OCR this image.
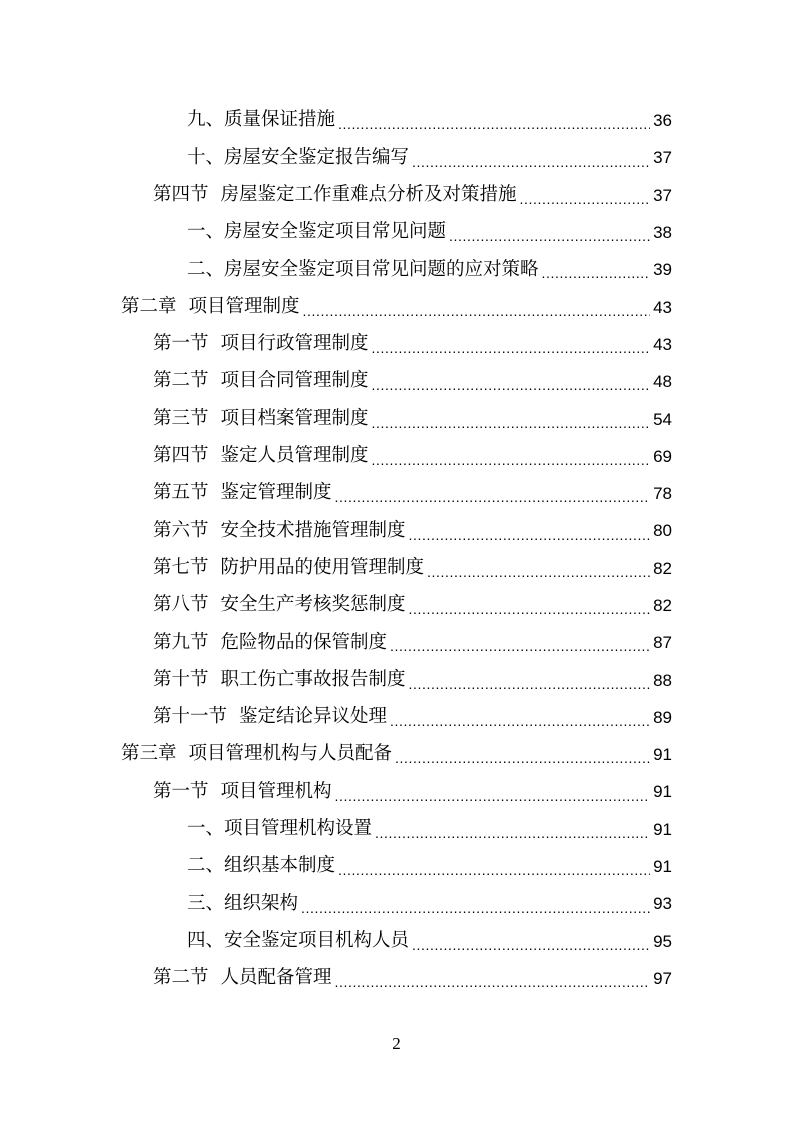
九、质量保证措施 .....	36
十、房屋安全鉴定报告编写 .....	37
第四节 房屋鉴定工作重难点分析及对策措施 .....	37
一、房屋安全鉴定项目常见问题 .....	38
二、房屋安全鉴定项目常见问题的应对策略 .....	39
第二章 项目管理制度 .....	43
第一节 项目行政管理制度 .....	43
第二节 项目合同管理制度 .....	48
第三节 项目档案管理制度 .....	54
第四节 鉴定人员管理制度 .....	69
第五节 鉴定管理制度 .....	78
第六节 安全技术措施管理制度 .....	80
第七节 防护用品的使用管理制度 .....	82
第八节 安全生产考核奖惩制度 .....	82
第九节 危险物品的保管制度 .....	87
第十节 职工伤亡事故报告制度 .....	88
第十一节 鉴定结论异议处理 .....	89
第三章 项目管理机构与人员配备 .....	91
第一节 项目管理机构 .....	91
一、项目管理机构设置 .....	91
二、组织基本制度 .....	91
三、组织架构 .....	93
四、安全鉴定项目机构人员 .....	95
第二节 人员配备管理 .....	97
2
